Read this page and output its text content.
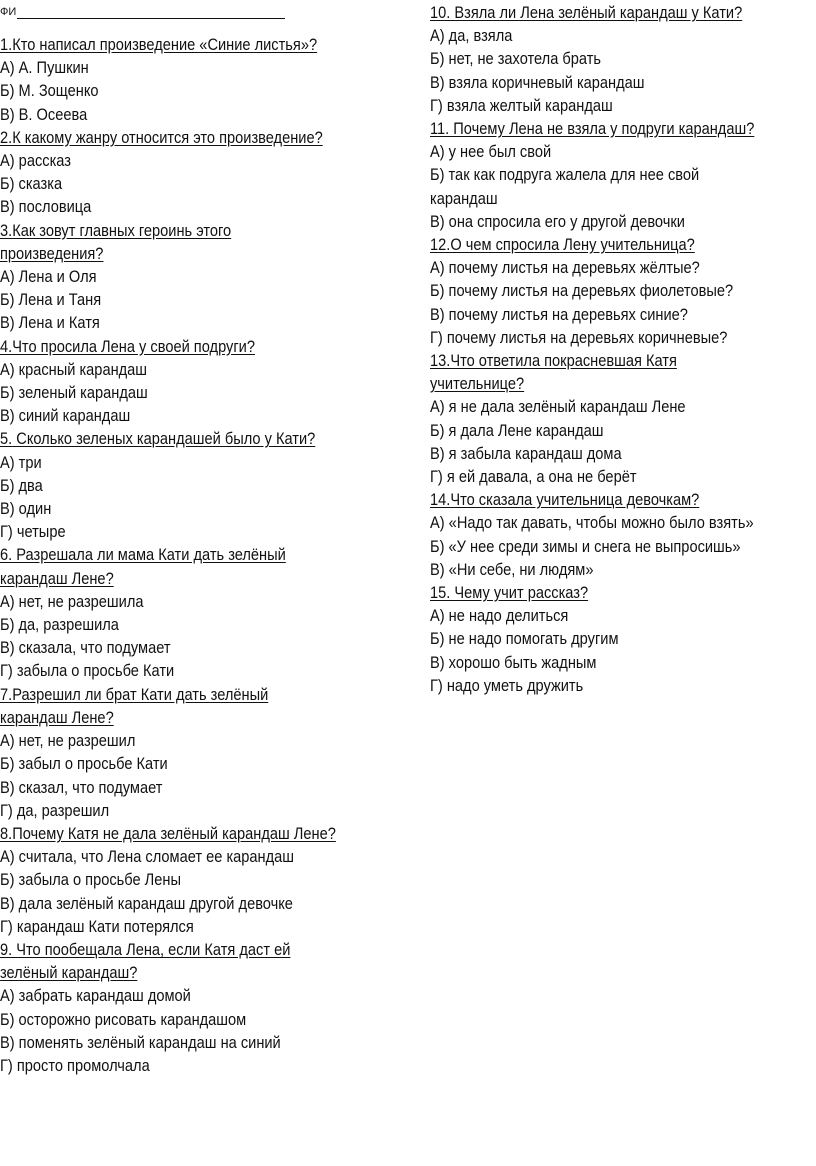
ФИ
1.Кто написал произведение «Синие листья»?
А) А. Пушкин
Б) М. Зощенко
В) В. Осеева
2.К какому жанру относится это произведение?
А) рассказ
Б) сказка
В) пословица
3.Как зовут главных героинь этого
произведения?
А) Лена и Оля
Б) Лена и Таня
В) Лена и Катя
4.Что просила Лена у своей подруги?
А) красный карандаш
Б) зеленый карандаш
В) синий карандаш
5. Сколько зеленых карандашей было у Кати?
А) три
Б) два
В) один
Г) четыре
6. Разрешала ли мама Кати дать зелёный
карандаш Лене?
А) нет, не разрешила
Б) да, разрешила
В) сказала, что подумает
Г) забыла о просьбе Кати
7.Разрешил ли брат Кати дать зелёный
карандаш Лене?
А) нет, не разрешил
Б) забыл о просьбе Кати
В) сказал, что подумает
Г) да, разрешил
8.Почему Катя не дала зелёный карандаш Лене?
А) считала, что Лена сломает ее карандаш
Б) забыла о просьбе Лены
В) дала зелёный карандаш другой девочке
Г) карандаш Кати потерялся
9. Что пообещала Лена, если Катя даст ей
зелёный карандаш?
А) забрать карандаш домой
Б) осторожно рисовать карандашом
В) поменять зелёный карандаш на синий
Г) просто промолчала
10. Взяла ли Лена зелёный карандаш у Кати?
А) да, взяла
Б) нет, не захотела брать
В) взяла коричневый карандаш
Г) взяла желтый карандаш
11. Почему Лена не взяла у подруги карандаш?
А) у нее был свой
Б) так как подруга жалела для нее свой
карандаш
В) она спросила его у другой девочки
12.О чем спросила Лену учительница?
А) почему листья на деревьях жёлтые?
Б) почему листья на деревьях фиолетовые?
В) почему листья на деревьях синие?
Г) почему листья на деревьях коричневые?
13.Что ответила покрасневшая Катя
учительнице?
А) я не дала зелёный карандаш Лене
Б) я дала Лене карандаш
В) я забыла карандаш дома
Г) я ей давала, а она не берёт
14.Что сказала учительница девочкам?
А) «Надо так давать, чтобы можно было взять»
Б) «У нее среди зимы и снега не выпросишь»
В) «Ни себе, ни людям»
15. Чему учит рассказ?
А) не надо делиться
Б) не надо помогать другим
В) хорошо быть жадным
Г) надо уметь дружить
